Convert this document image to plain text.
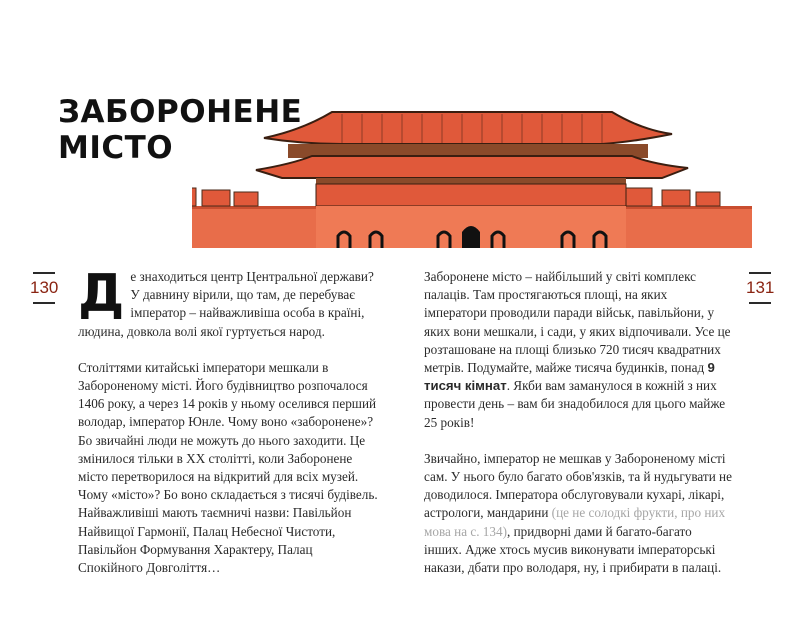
ЗАБОРОНЕНЕ
МІСТО
130	131

Д е знаходиться центр Центральної держави? У давнину вірили, що там, де перебуває імператор – найважливіша особа в країні, людина, довкола волі якої гуртується народ.

Століттями китайські імператори мешкали в Забороненому місті. Його будівництво розпочалося 1406 року, а через 14 років у ньому оселився перший володар, імператор Юнле. Чому воно «заборонене»? Бо звичайні люди не можуть до нього заходити. Це змінилося тільки в ХХ столітті, коли Заборонене місто перетворилося на відкритий для всіх музей. Чому «місто»? Бо воно складається з тисячі будівель. Найважливіші мають таємничі назви: Павільйон Найвищої Гармонії, Палац Небесної Чистоти, Павільйон Формування Характеру, Палац Спокійного Довголіття…

Заборонене місто – найбільший у світі комплекс палаців. Там простягаються площі, на яких імператори проводили паради військ, павільйони, у яких вони мешкали, і сади, у яких відпочивали. Усе це розташоване на площі близько 720 тисяч квадратних метрів. Подумайте, майже тисяча будинків, понад 9 тисяч кімнат. Якби вам заманулося в кожній з них провести день – вам би знадобилося для цього майже 25 років!

Звичайно, імператор не мешкав у Забороненому місті сам. У нього було багато обов'язків, та й нудьгувати не доводилося. Імператора обслуговували кухарі, лікарі, астрологи, мандарини (це не солодкі фрукти, про них мова на с. 134), придворні дами й багато-багато інших. Адже хтось мусив виконувати імператорські накази, дбати про володаря, ну, і прибирати в палаці.
